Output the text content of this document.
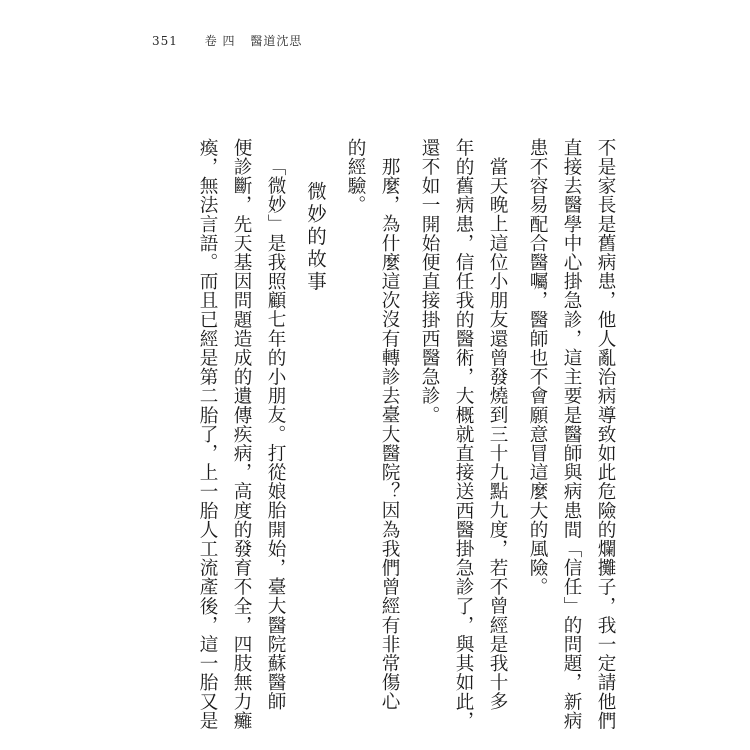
351 卷 四 醫道沈思

不是家長是舊病患，他人亂治病導致如此危險的爛攤子，我一定請他們

直接去醫學中心掛急診，這主要是醫師與病患間「信任」的問題，新病

患不容易配合醫囑，醫師也不會願意冒這麼大的風險。

當天晚上這位小朋友還曾發燒到三十九點九度，若不曾經是我十多

年的舊病患，信任我的醫術，大概就直接送西醫掛急診了，與其如此，

還不如一開始便直接掛西醫急診。

那麼，為什麼這次沒有轉診去臺大醫院？因為我們曾經有非常傷心

的經驗。

微妙的故事

「微妙」是我照顧七年的小朋友。打從娘胎開始，臺大醫院蘇醫師

便診斷，先天基因問題造成的遺傳疾病，高度的發育不全，四肢無力癱

瘓，無法言語。而且已經是第二胎了，上一胎人工流產後，這一胎又是
